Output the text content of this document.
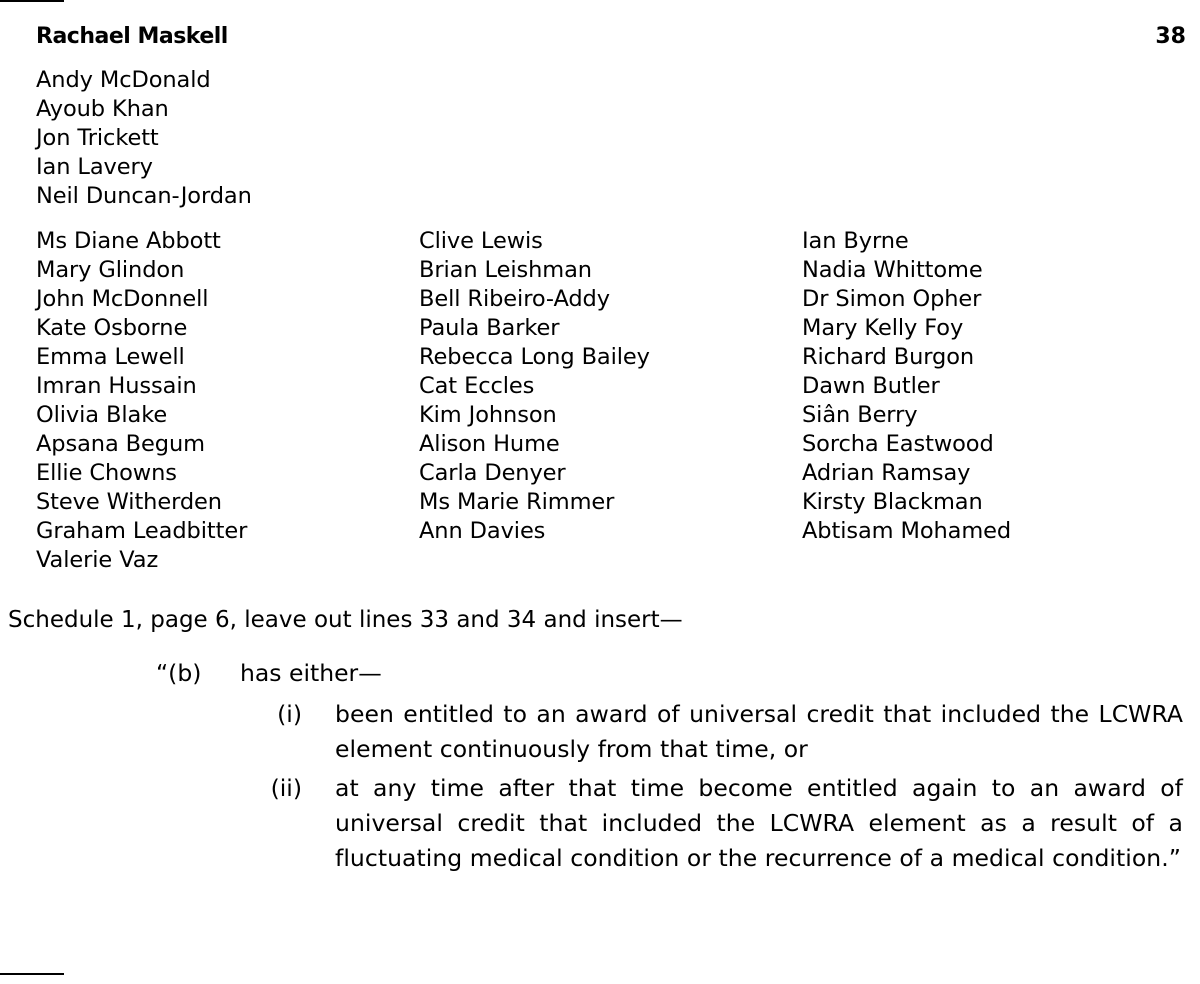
Rachael Maskell	38
Andy McDonald
Ayoub Khan
Jon Trickett
Ian Lavery
Neil Duncan-Jordan
Ms Diane Abbott
Mary Glindon
John McDonnell
Kate Osborne
Emma Lewell
Imran Hussain
Olivia Blake
Apsana Begum
Ellie Chowns
Steve Witherden
Graham Leadbitter
Valerie Vaz
Clive Lewis
Brian Leishman
Bell Ribeiro-Addy
Paula Barker
Rebecca Long Bailey
Cat Eccles
Kim Johnson
Alison Hume
Carla Denyer
Ms Marie Rimmer
Ann Davies
Ian Byrne
Nadia Whittome
Dr Simon Opher
Mary Kelly Foy
Richard Burgon
Dawn Butler
Siân Berry
Sorcha Eastwood
Adrian Ramsay
Kirsty Blackman
Abtisam Mohamed
Schedule 1, page 6, leave out lines 33 and 34 and insert—
“(b) has either—
(i) been entitled to an award of universal credit that included the LCWRA element continuously from that time, or
(ii) at any time after that time become entitled again to an award of universal credit that included the LCWRA element as a result of a fluctuating medical condition or the recurrence of a medical condition.”
